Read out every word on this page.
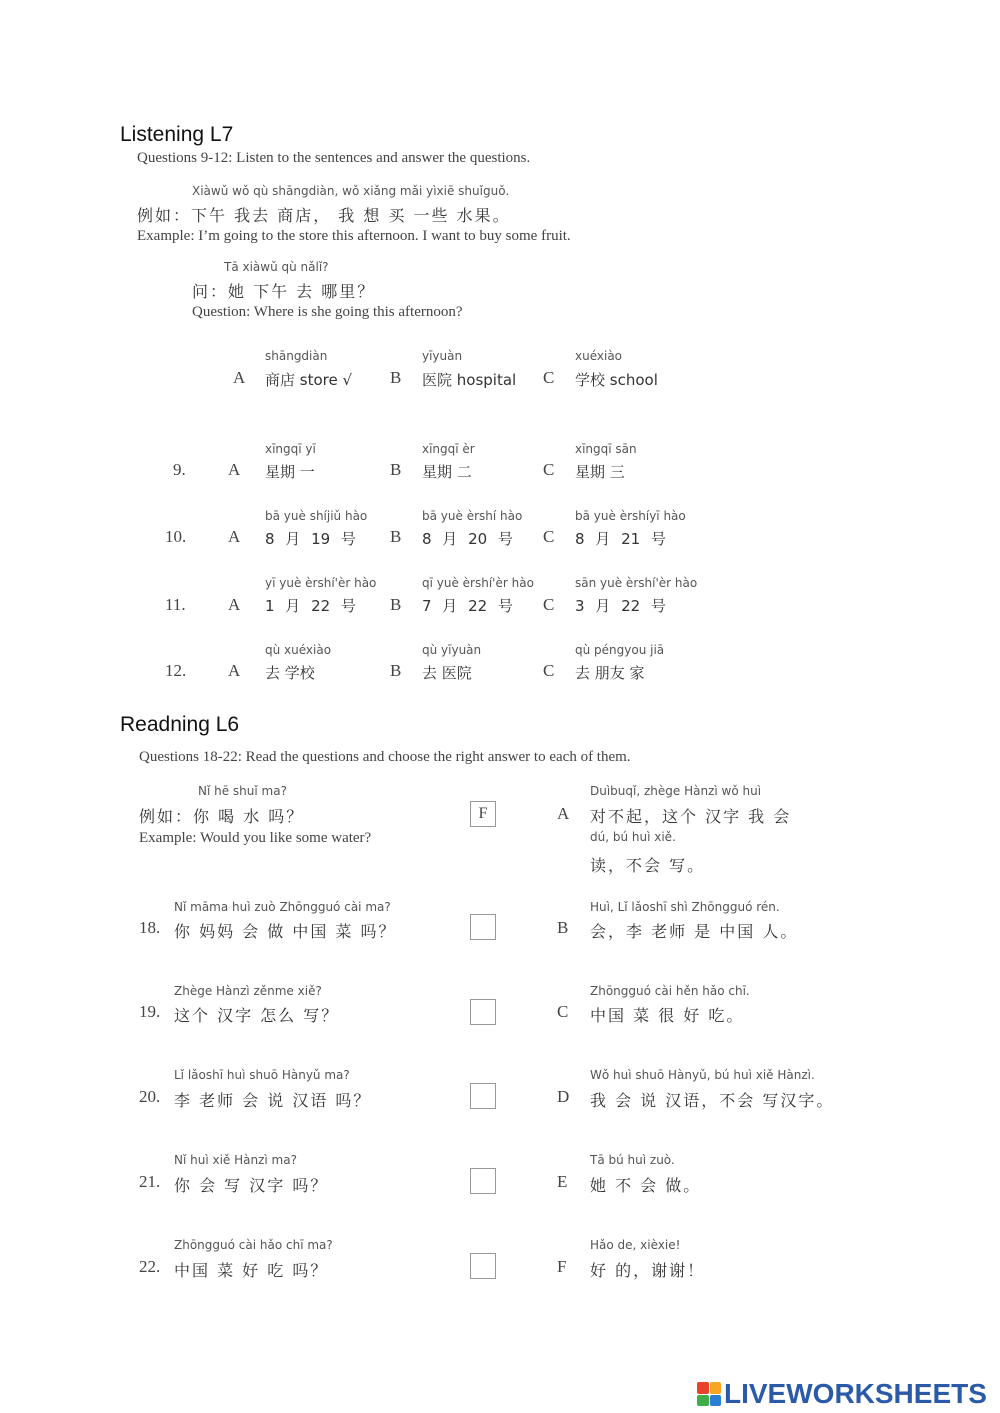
Listening L7
Questions 9-12: Listen to the sentences and answer the questions.
Xiàwǔ wǒ qù shāngdiàn, wǒ xiǎng mǎi yìxiē shuǐguǒ.
例如：下午 我去 商店， 我 想 买 一些 水果。
Example: I’m going to the store this afternoon. I want to buy some fruit.
Tā xiàwǔ qù nǎlǐ?
问：她 下午 去 哪里？
Question: Where is she going this afternoon?
shāngdiàn
A 商店 store √
yīyuàn
B 医院 hospital
xuéxiào
C 学校 school
9.
xīngqī yī
A 星期 一
xīngqī èr
B 星期 二
xīngqī sān
C 星期 三
10.
bā yuè shíjiǔ hào
A 8 月 19 号
bā yuè èrshí hào
B 8 月 20 号
bā yuè èrshíyī hào
C 8 月 21 号
11.
yī yuè èrshí'èr hào
A 1 月 22 号
qī yuè èrshí'èr hào
B 7 月 22 号
sān yuè èrshí'èr hào
C 3 月 22 号
12.
qù xuéxiào
A 去 学校
qù yīyuàn
B 去 医院
qù péngyou jiā
C 去 朋友 家
Readning L6
Questions 18-22: Read the questions and choose the right answer to each of them.
Nǐ hē shuǐ ma?
例如：你 喝 水 吗？
Example: Would you like some water?
F
Nǐ māma huì zuò Zhōngguó cài ma?
18. 你 妈妈 会 做 中国 菜 吗？
Zhège Hànzì zěnme xiě?
19. 这个 汉字 怎么 写？
Lǐ lǎoshī huì shuō Hànyǔ ma?
20. 李 老师 会 说 汉语 吗？
Nǐ huì xiě Hànzì ma?
21. 你 会 写 汉字 吗？
Zhōngguó cài hǎo chī ma?
22. 中国 菜 好 吃 吗？
Duìbuqǐ, zhège Hànzì wǒ huì
A 对不起，这个 汉字 我 会
dú, bú huì xiě.
读，不会 写。
Huì, Lǐ lǎoshī shì Zhōngguó rén.
B 会，李 老师 是 中国 人。
Zhōngguó cài hěn hǎo chī.
C 中国 菜 很 好 吃。
Wǒ huì shuō Hànyǔ, bú huì xiě Hànzì.
D 我 会 说 汉语，不会 写汉字。
Tā bú huì zuò.
E 她 不 会 做。
Hǎo de, xièxie!
F 好 的，谢谢！
LIVEWORKSHEETS
